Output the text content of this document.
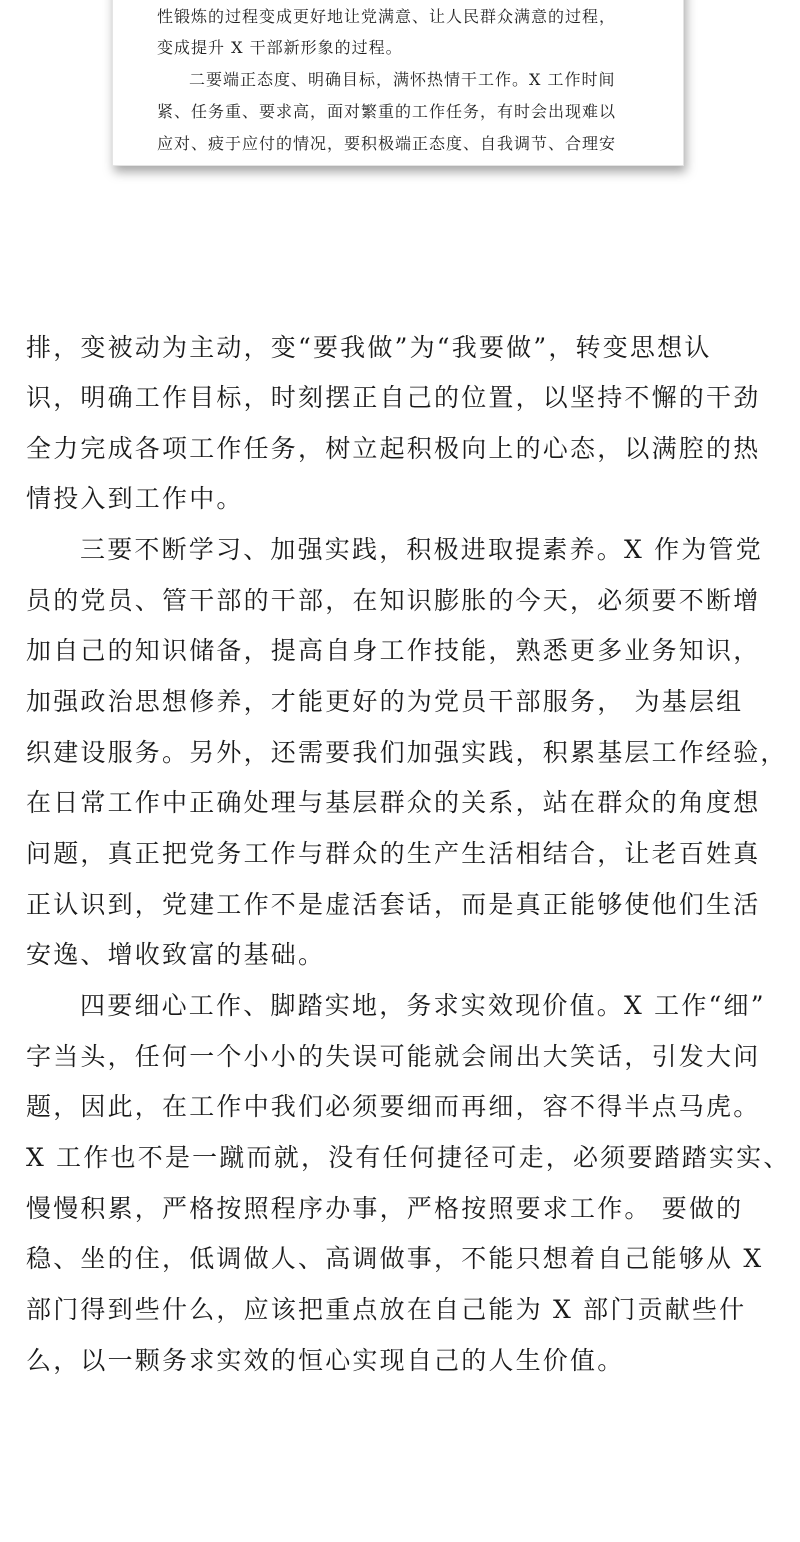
性锻炼的过程变成更好地让党满意、让人民群众满意的过程，
变成提升 X 干部新形象的过程。
二要端正态度、明确目标，满怀热情干工作。X 工作时间
紧、任务重、要求高，面对繁重的工作任务，有时会出现难以
应对、疲于应付的情况，要积极端正态度、自我调节、合理安
排，变被动为主动，变“要我做”为“我要做”，转变思想认
识，明确工作目标，时刻摆正自己的位置，以坚持不懈的干劲
全力完成各项工作任务，树立起积极向上的心态，以满腔的热
情投入到工作中。
三要不断学习、加强实践，积极进取提素养。X 作为管党
员的党员、管干部的干部，在知识膨胀的今天，必须要不断增
加自己的知识储备，提高自身工作技能，熟悉更多业务知识，
加强政治思想修养，才能更好的为党员干部服务， 为基层组
织建设服务。另外，还需要我们加强实践，积累基层工作经验，
在日常工作中正确处理与基层群众的关系，站在群众的角度想
问题，真正把党务工作与群众的生产生活相结合，让老百姓真
正认识到，党建工作不是虚活套话，而是真正能够使他们生活
安逸、增收致富的基础。
四要细心工作、脚踏实地，务求实效现价值。X 工作“细”
字当头，任何一个小小的失误可能就会闹出大笑话，引发大问
题，因此，在工作中我们必须要细而再细，容不得半点马虎。
X 工作也不是一蹴而就，没有任何捷径可走，必须要踏踏实实、
慢慢积累，严格按照程序办事，严格按照要求工作。 要做的
稳、坐的住，低调做人、高调做事，不能只想着自己能够从 X
部门得到些什么，应该把重点放在自己能为 X 部门贡献些什
么，以一颗务求实效的恒心实现自己的人生价值。
